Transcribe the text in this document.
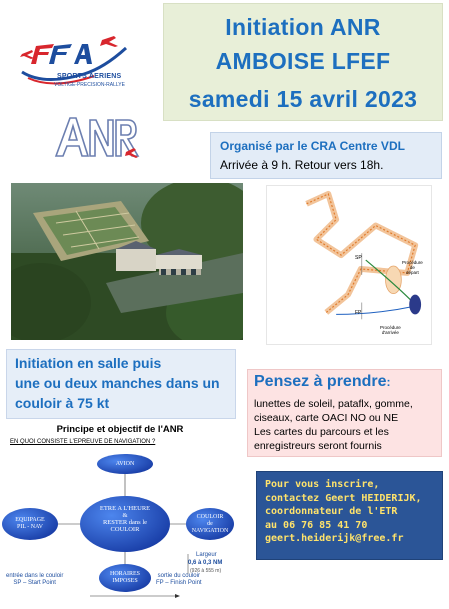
Initiation ANR
AMBOISE LFEF
samedi 15 avril 2023
SPORTS AERIENS
VOLTIGE-PRECISION-RALLYE
Organisé par le CRA Centre VDL
Arrivée à 9 h. Retour vers 18h.
SP
FP
Procédure
de
départ
Procédure
d'arrivée
Initiation en salle puis
une ou deux manches dans un
couloir à 75 kt
Pensez à prendre:
lunettes de soleil, pataflx, gomme,
ciseaux, carte OACI NO ou NE
Les cartes du parcours et les
enregistreurs seront fournis
Pour vous inscrire,
contactez Geert HEIDERIJK,
coordonnateur de l'ETR
au 06 76 85 41 70
geert.heiderijk@free.fr
Principe et objectif de l'ANR
EN QUOI CONSISTE L'EPREUVE DE NAVIGATION ?
AVION
ETRE A L'HEURE
&
RESTER dans le
COULOIR
EQUIPAGE
PIL - NAV
COULOIR
de
NAVIGATION
HORAIRES
IMPOSES
Largeur
0,6 à 0,3 NM
(926 à 555 m)
entrée dans le couloir
SP – Start Point
sortie du couloir
FP – Finish Point
